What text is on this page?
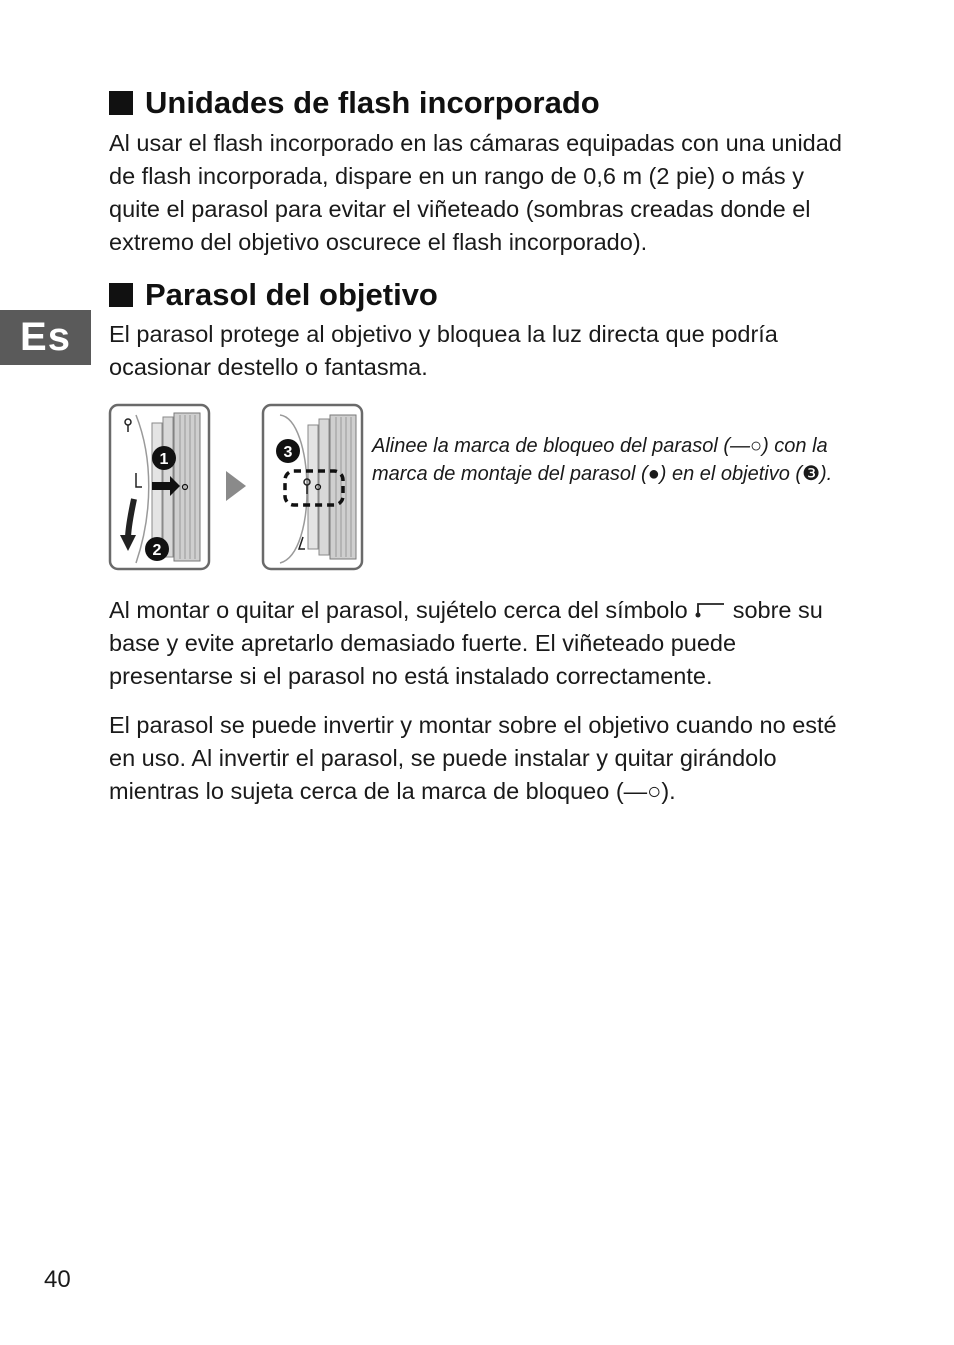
Es
Unidades de flash incorporado

Al usar el flash incorporado en las cámaras equipadas con una unidad de flash incorporada, dispare en un rango de 0,6 m (2 pie) o más y quite el parasol para evitar el viñeteado (sombras creadas donde el extremo del objetivo oscurece el flash incorporado).

Parasol del objetivo

El parasol protege al objetivo y bloquea la luz directa que podría ocasionar destello o fantasma.

1
2
3	Alinee la marca de bloqueo del parasol (—○) con la marca de montaje del parasol (●) en el objetivo (❸).

Al montar o quitar el parasol, sujételo cerca del símbolo  sobre su base y evite apretarlo demasiado fuerte. El viñeteado puede presentarse si el parasol no está instalado correctamente.

El parasol se puede invertir y montar sobre el objetivo cuando no esté en uso. Al invertir el parasol, se puede instalar y quitar girándolo mientras lo sujeta cerca de la marca de bloqueo (—○).

40
